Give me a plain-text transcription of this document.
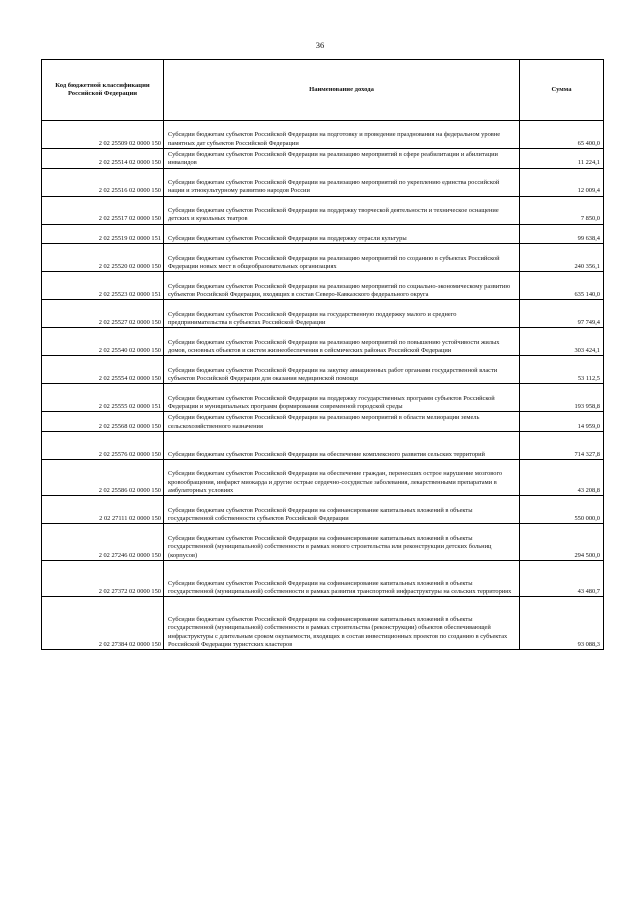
36
Код бюджетной классификации Российской Федерации	Наименование дохода	Сумма
2 02 25509 02 0000 150	Субсидии бюджетам субъектов Российской Федерации на подготовку и проведение празднования на федеральном уровне памятных дат субъектов Российской Федерации	65 400,0
2 02 25514 02 0000 150	Субсидии бюджетам субъектов Российской Федерации на реализацию мероприятий в сфере реабилитации и абилитации инвалидов	11 224,1
2 02 25516 02 0000 150	Субсидии бюджетам субъектов Российской Федерации на реализацию мероприятий по укреплению единства российской нации и этнокультурному развитию народов России	12 009,4
2 02 25517 02 0000 150	Субсидии бюджетам субъектов Российской Федерации на поддержку творческой деятельности и техническое оснащение детских и кукольных театров	7 850,0
2 02 25519 02 0000 151	Субсидии бюджетам субъектов Российской Федерации на поддержку отрасли культуры	99 638,4
2 02 25520 02 0000 150	Субсидии бюджетам субъектов Российской Федерации на реализацию мероприятий по созданию в субъектах Российской Федерации новых мест в общеобразовательных организациях	240 356,1
2 02 25523 02 0000 151	Субсидии бюджетам субъектов Российской Федерации на реализацию мероприятий по социально-экономическому развитию субъектов Российской Федерации, входящих в состав Северо-Кавказского федерального округа	635 140,0
2 02 25527 02 0000 150	Субсидии бюджетам субъектов Российской Федерации на государственную поддержку малого и среднего предпринимательства в субъектах Российской Федерации	97 749,4
2 02 25540 02 0000 150	Субсидии бюджетам субъектов Российской Федерации на реализацию мероприятий по повышению устойчивости жилых домов, основных объектов и систем жизнеобеспечения в сейсмических районах Российской Федерации	303 424,1
2 02 25554 02 0000 150	Субсидии бюджетам субъектов Российской Федерации на закупку авиационных работ органами государственной власти субъектов Российской Федерации для оказания медицинской помощи	53 112,5
2 02 25555 02 0000 151	Субсидии бюджетам субъектов Российской Федерации на поддержку государственных программ субъектов Российской Федерации и муниципальных программ формирования современной городской среды	193 958,8
2 02 25568 02 0000 150	Субсидии бюджетам субъектов Российской Федерации на реализацию мероприятий в области мелиорации земель сельскохозяйственного назначения	14 959,0
2 02 25576 02 0000 150	Субсидии бюджетам субъектов Российской Федерации на обеспечение комплексного развития сельских территорий	714 327,8
2 02 25586 02 0000 150	Субсидии бюджетам субъектов Российской Федерации на обеспечение граждан, перенесших острое нарушение мозгового кровообращения, инфаркт миокарда и другие острые сердечно-сосудистые заболевания, лекарственными препаратами в амбулаторных условиях	43 208,8
2 02 27111 02 0000 150	Субсидии бюджетам субъектов Российской Федерации на софинансирование капитальных вложений в объекты государственной собственности субъектов Российской Федерации	550 000,0
2 02 27246 02 0000 150	Субсидии бюджетам субъектов Российской Федерации на софинансирование капитальных вложений в объекты государственной (муниципальной) собственности в рамках нового строительства или реконструкции детских больниц (корпусов)	294 500,0
2 02 27372 02 0000 150	Субсидии бюджетам субъектов Российской Федерации на софинансирование капитальных вложений в объекты государственной (муниципальной) собственности в рамках развития транспортной инфраструктуры на сельских территориях	43 480,7
2 02 27384 02 0000 150	Субсидии бюджетам субъектов Российской Федерации на софинансирование капитальных вложений в объекты государственной (муниципальной) собственности в рамках строительства (реконструкции) объектов обеспечивающей инфраструктуры с длительным сроком окупаемости, входящих в состав инвестиционных проектов по созданию в субъектах Российской Федерации туристских кластеров	93 088,3
